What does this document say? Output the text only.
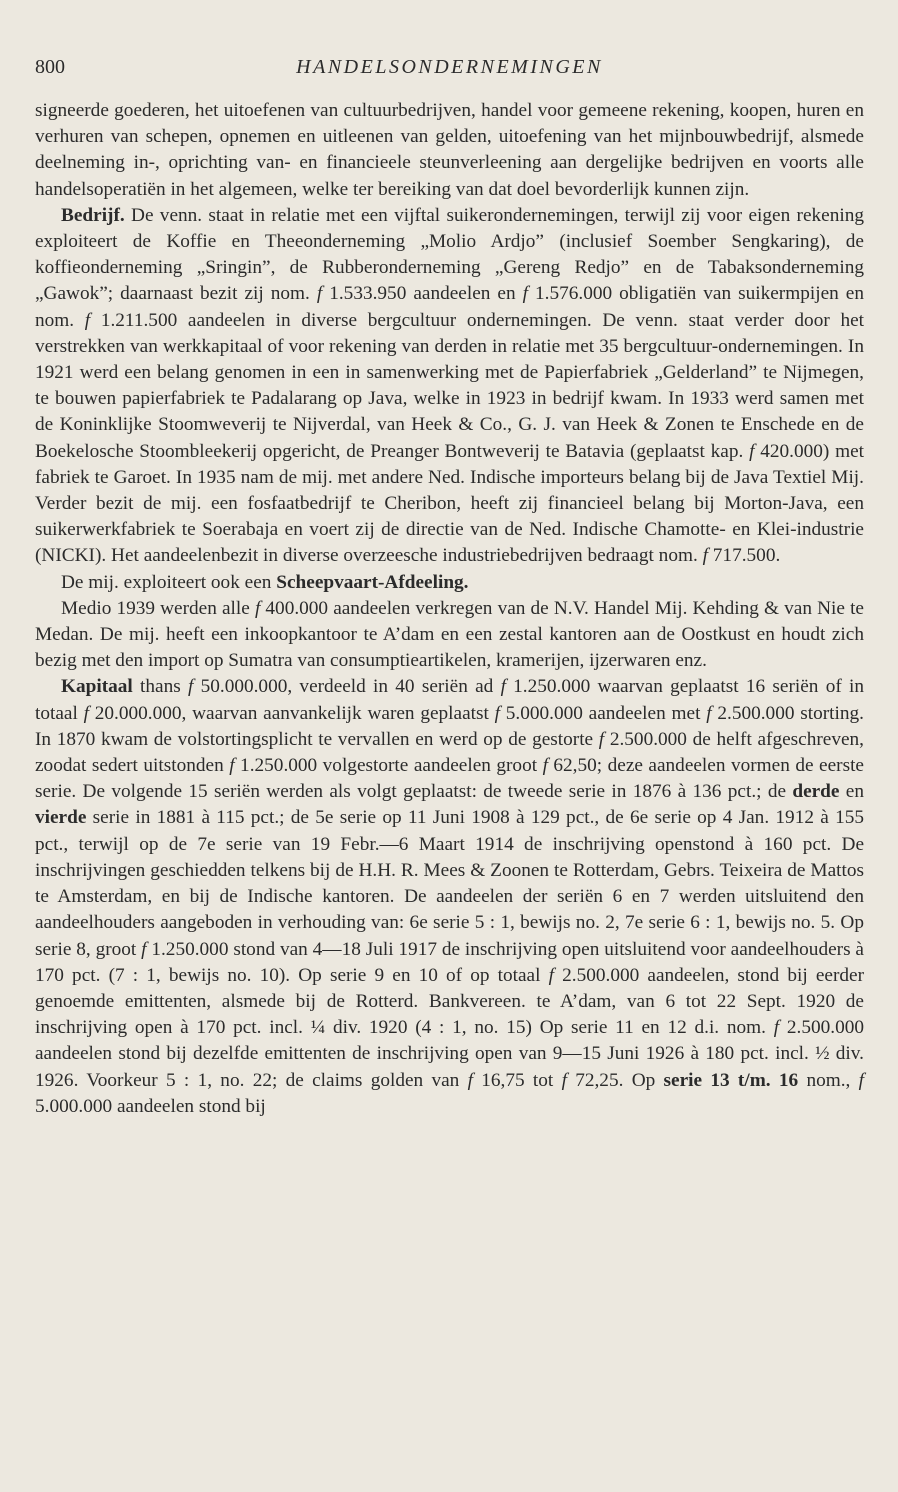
800	HANDELSONDERNEMINGEN

signeerde goederen, het uitoefenen van cultuurbedrijven, handel voor gemeene rekening, koopen, huren en verhuren van schepen, opnemen en uitleenen van gelden, uitoefening van het mijnbouwbedrijf, alsmede deelneming in-, oprichting van- en financieele steunverleening aan dergelijke bedrijven en voorts alle handelsoperatiën in het algemeen, welke ter bereiking van dat doel bevorderlijk kunnen zijn.

Bedrijf. De venn. staat in relatie met een vijftal suikerondernemingen, terwijl zij voor eigen rekening exploiteert de Koffie en Theeonderneming „Molio Ardjo” (inclusief Soember Sengkaring), de koffieonderneming „Sringin”, de Rubberonderneming „Gereng Redjo” en de Tabaksonderneming „Gawok”; daarnaast bezit zij nom. f 1.533.950 aandeelen en f 1.576.000 obligatiën van suikermpijen en nom. f 1.211.500 aandeelen in diverse bergcultuur ondernemingen. De venn. staat verder door het verstrekken van werkkapitaal of voor rekening van derden in relatie met 35 bergcultuur-ondernemingen. In 1921 werd een belang genomen in een in samenwerking met de Papierfabriek „Gelderland” te Nijmegen, te bouwen papierfabriek te Padalarang op Java, welke in 1923 in bedrijf kwam. In 1933 werd samen met de Koninklijke Stoomweverij te Nijverdal, van Heek & Co., G. J. van Heek & Zonen te Enschede en de Boekelosche Stoombleekerij opgericht, de Preanger Bontweverij te Batavia (geplaatst kap. f 420.000) met fabriek te Garoet. In 1935 nam de mij. met andere Ned. Indische importeurs belang bij de Java Textiel Mij. Verder bezit de mij. een fosfaatbedrijf te Cheribon, heeft zij financieel belang bij Morton-Java, een suikerwerkfabriek te Soerabaja en voert zij de directie van de Ned. Indische Chamotte- en Klei-industrie (NICKI). Het aandeelenbezit in diverse overzeesche industriebedrijven bedraagt nom. f 717.500.

De mij. exploiteert ook een Scheepvaart-Afdeeling.

Medio 1939 werden alle f 400.000 aandeelen verkregen van de N.V. Handel Mij. Kehding & van Nie te Medan. De mij. heeft een inkoopkantoor te A’dam en een zestal kantoren aan de Oostkust en houdt zich bezig met den import op Sumatra van consumptieartikelen, kramerijen, ijzerwaren enz.

Kapitaal thans f 50.000.000, verdeeld in 40 seriën ad f 1.250.000 waarvan geplaatst 16 seriën of in totaal f 20.000.000, waarvan aanvankelijk waren geplaatst f 5.000.000 aandeelen met f 2.500.000 storting. In 1870 kwam de volstortingsplicht te vervallen en werd op de gestorte f 2.500.000 de helft afgeschreven, zoodat sedert uitstonden f 1.250.000 volgestorte aandeelen groot f 62,50; deze aandeelen vormen de eerste serie. De volgende 15 seriën werden als volgt geplaatst: de tweede serie in 1876 à 136 pct.; de derde en vierde serie in 1881 à 115 pct.; de 5e serie op 11 Juni 1908 à 129 pct., de 6e serie op 4 Jan. 1912 à 155 pct., terwijl op de 7e serie van 19 Febr.—6 Maart 1914 de inschrijving openstond à 160 pct. De inschrijvingen geschiedden telkens bij de H.H. R. Mees & Zoonen te Rotterdam, Gebrs. Teixeira de Mattos te Amsterdam, en bij de Indische kantoren. De aandeelen der seriën 6 en 7 werden uitsluitend den aandeelhouders aangeboden in verhouding van: 6e serie 5 : 1, bewijs no. 2, 7e serie 6 : 1, bewijs no. 5. Op serie 8, groot f 1.250.000 stond van 4—18 Juli 1917 de inschrijving open uitsluitend voor aandeelhouders à 170 pct. (7 : 1, bewijs no. 10). Op serie 9 en 10 of op totaal f 2.500.000 aandeelen, stond bij eerder genoemde emittenten, alsmede bij de Rotterd. Bankvereen. te A’dam, van 6 tot 22 Sept. 1920 de inschrijving open à 170 pct. incl. ¼ div. 1920 (4 : 1, no. 15) Op serie 11 en 12 d.i. nom. f 2.500.000 aandeelen stond bij dezelfde emittenten de inschrijving open van 9—15 Juni 1926 à 180 pct. incl. ½ div. 1926. Voorkeur 5 : 1, no. 22; de claims golden van f 16,75 tot f 72,25. Op serie 13 t/m. 16 nom., f 5.000.000 aandeelen stond bij
